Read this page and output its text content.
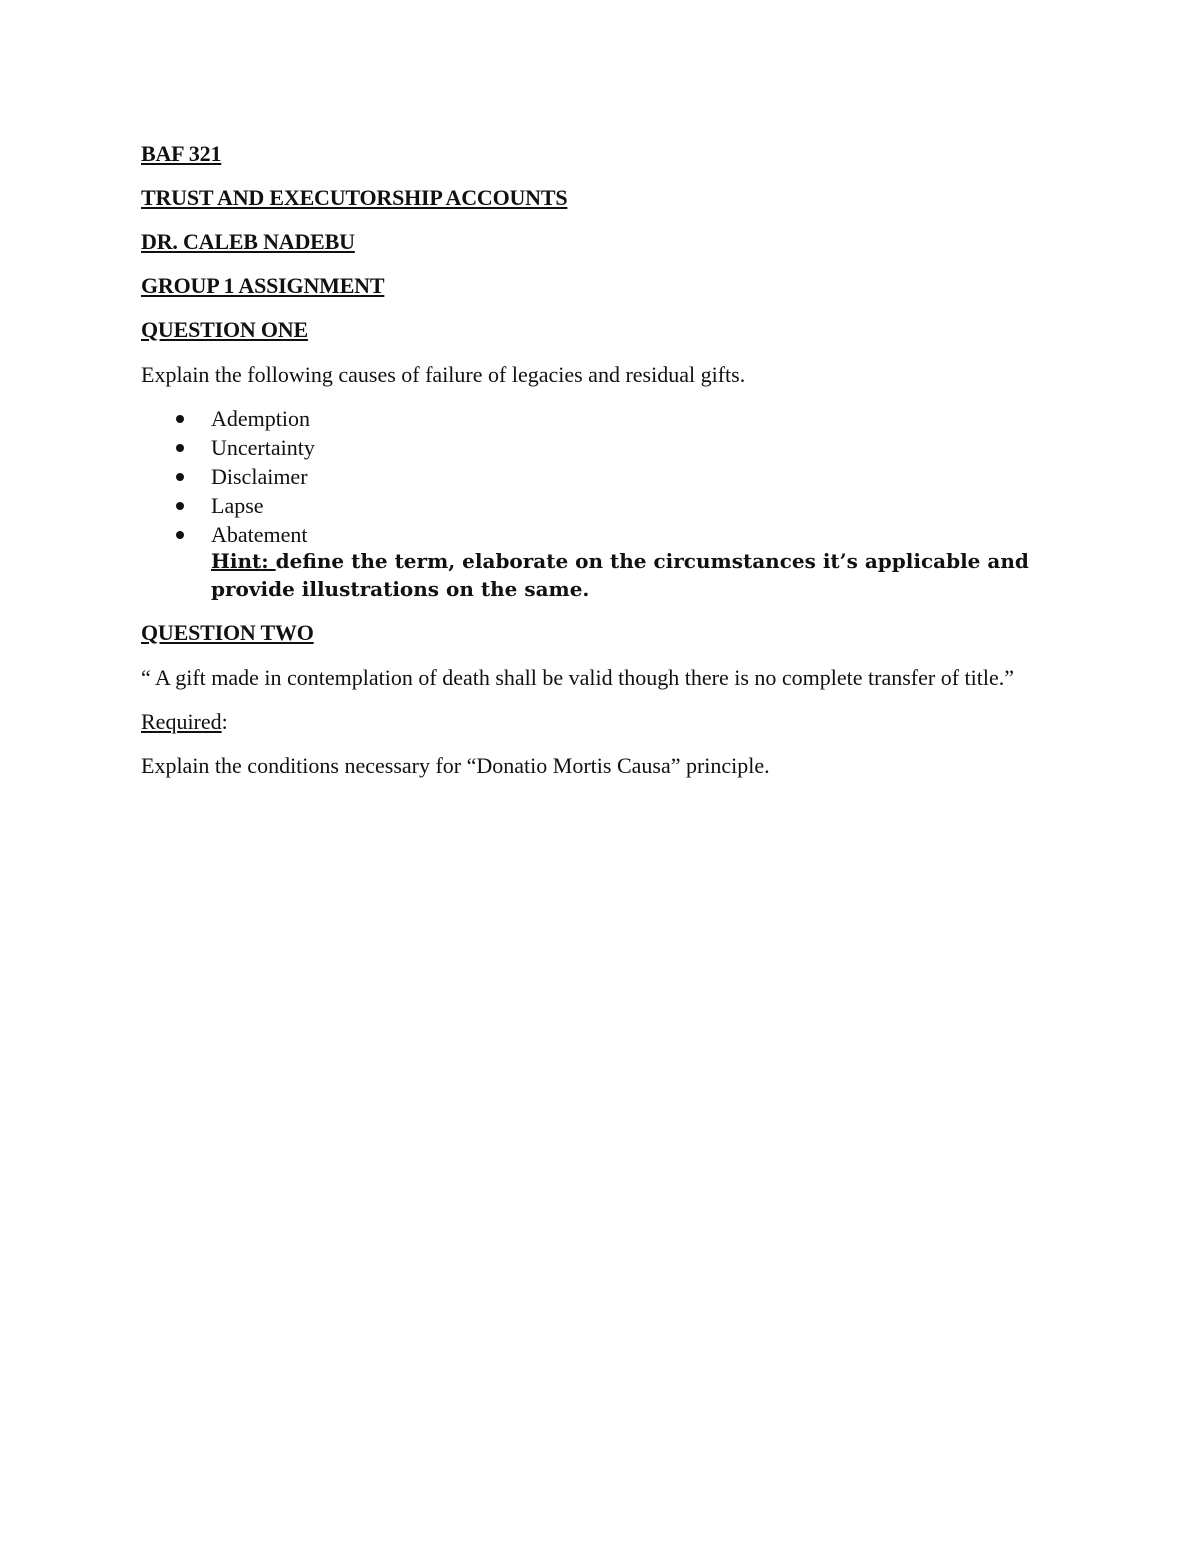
BAF 321
TRUST AND EXECUTORSHIP ACCOUNTS
DR. CALEB NADEBU
GROUP 1 ASSIGNMENT
QUESTION ONE
Explain the following causes of failure of legacies and residual gifts.
Ademption
Uncertainty
Disclaimer
Lapse
Abatement
Hint: define the term, elaborate on the circumstances it’s applicable and provide illustrations on the same.
QUESTION TWO
“ A gift made in contemplation of death shall be valid though there is no complete transfer of title.”
Required:
Explain the conditions necessary for “Donatio Mortis Causa” principle.
